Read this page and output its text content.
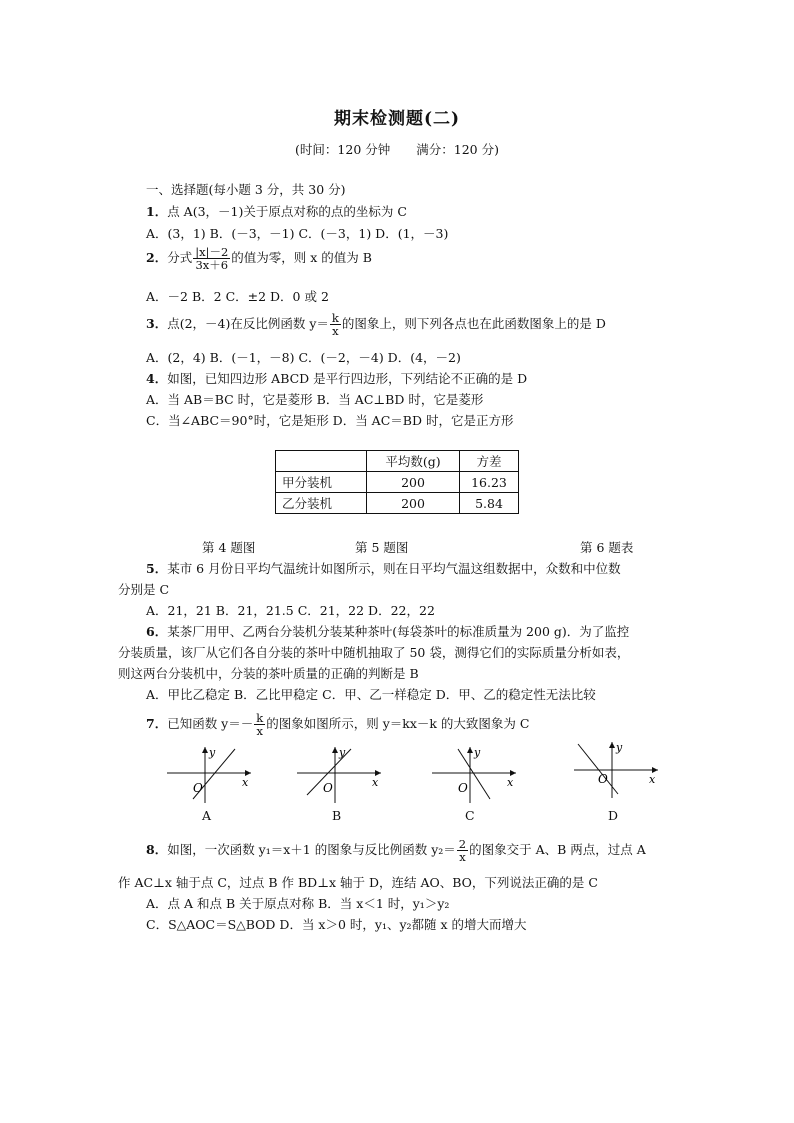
期末检测题(二)
(时间：120 分钟 满分：120 分)
一、选择题(每小题 3 分，共 30 分)
1．点 A(3，－1)关于原点对称的点的坐标为 C
A．(3，1) B．(－3，－1) C．(－3，1) D．(1，－3)
2．分式 $\frac{|x|-2}{3x+6}$ 的值为零，则 x 的值为 B
A．－2 B．2 C．±2 D．0 或 2
3．点(2，－4)在反比例函数 $y= \frac{k}{x}$ 的图象上，则下列各点也在此函数图象上的是 D
A．(2，4) B．(－1，－8) C．(－2，－4) D．(4，－2)
4．如图，已知四边形 ABCD 是平行四边形，下列结论不正确的是 D
A．当 AB＝BC 时，它是菱形 B．当 AC⊥BD 时，它是菱形
C．当∠ABC＝90°时，它是矩形 D．当 AC＝BD 时，它是正方形
	平均数(g)	方差
甲分装机	200	16.23
乙分装机	200	5.84
第 4 题图	第 5 题图	第 6 题表
5．某市 6 月份日平均气温统计如图所示，则在日平均气温这组数据中，众数和中位数
分别是 C
A．21，21 B．21，21.5 C．21，22 D．22，22
6．某茶厂用甲、乙两台分装机分装某种茶叶(每袋茶叶的标准质量为 200 g)．为了监控
分装质量，该厂从它们各自分装的茶叶中随机抽取了 50 袋，测得它们的实际质量分析如表，
则这两台分装机中，分装的茶叶质量的正确的判断是 B
A．甲比乙稳定 B．乙比甲稳定 C．甲、乙一样稳定 D．甲、乙的稳定性无法比较
7．已知函数 $y=- \frac{k}{x}$ 的图象如图所示，则 y＝kx－k 的大致图象为 C
y
x
O
A
y
x
O
B
y
x
O
C
y
x
O
D
8．如图，一次函数 y₁＝x＋1 的图象与反比例函数 $y_2= \frac{2}{x}$ 的图象交于 A、B 两点，过点 A
作 AC⊥x 轴于点 C，过点 B 作 BD⊥x 轴于 D，连结 AO、BO，下列说法正确的是 C
A．点 A 和点 B 关于原点对称 B．当 x＜1 时，y₁＞y₂
C．S△AOC＝S△BOD D．当 x＞0 时，y₁、y₂都随 x 的增大而增大
